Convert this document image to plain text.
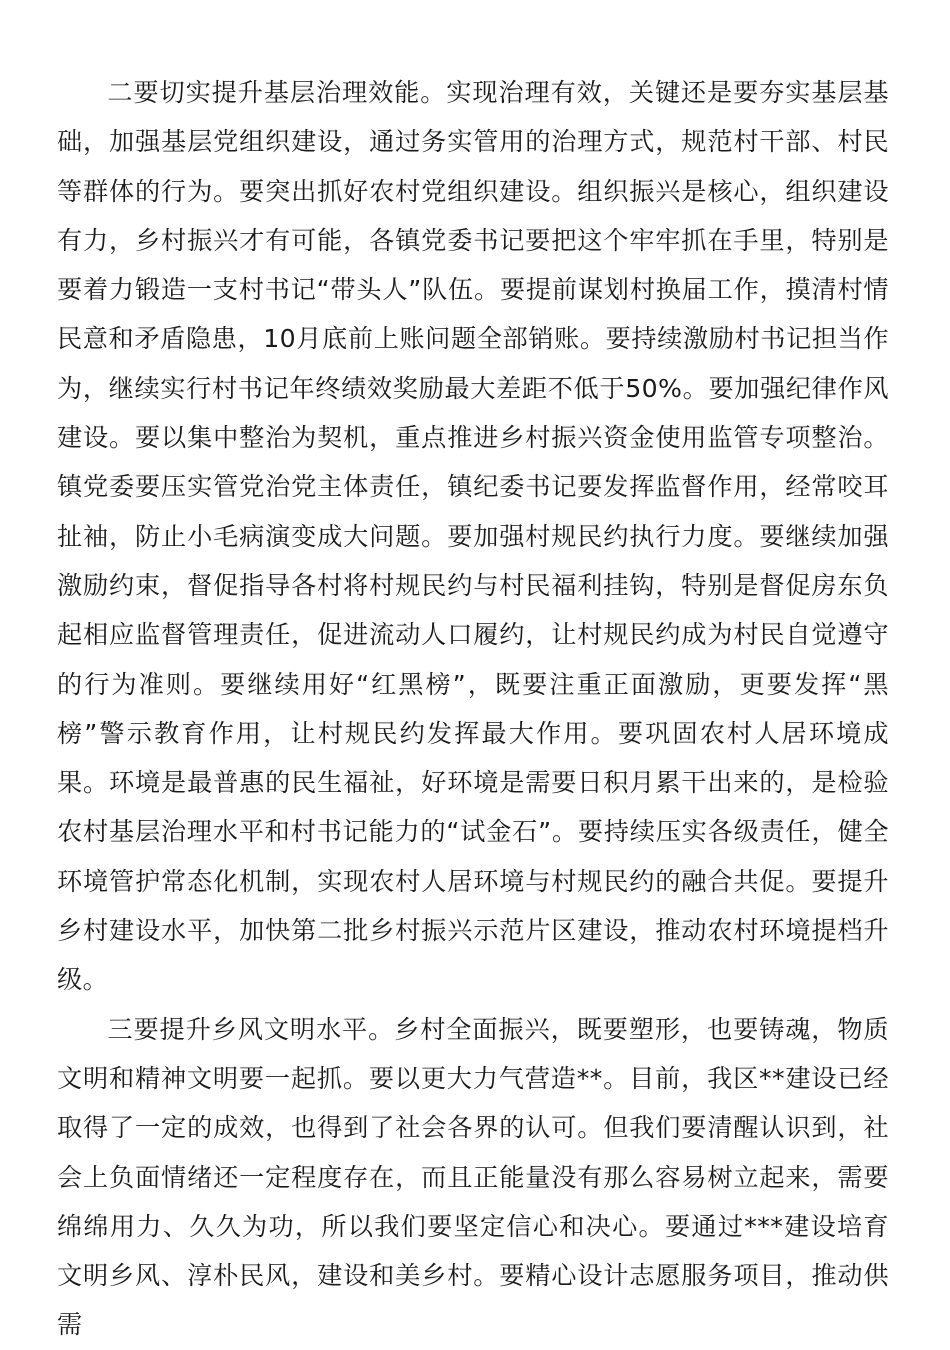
二要切实提升基层治理效能。实现治理有效，关键还是要夯实基层基础，加强基层党组织建设，通过务实管用的治理方式，规范村干部、村民等群体的行为。要突出抓好农村党组织建设。组织振兴是核心，组织建设有力，乡村振兴才有可能，各镇党委书记要把这个牢牢抓在手里，特别是要着力锻造一支村书记“带头人”队伍。要提前谋划村换届工作，摸清村情民意和矛盾隐患，10月底前上账问题全部销账。要持续激励村书记担当作为，继续实行村书记年终绩效奖励最大差距不低于50%。要加强纪律作风建设。要以集中整治为契机，重点推进乡村振兴资金使用监管专项整治。镇党委要压实管党治党主体责任，镇纪委书记要发挥监督作用，经常咬耳扯袖，防止小毛病演变成大问题。要加强村规民约执行力度。要继续加强激励约束，督促指导各村将村规民约与村民福利挂钩，特别是督促房东负起相应监督管理责任，促进流动人口履约，让村规民约成为村民自觉遵守的行为准则。要继续用好“红黑榜”，既要注重正面激励，更要发挥“黑榜”警示教育作用，让村规民约发挥最大作用。要巩固农村人居环境成果。环境是最普惠的民生福祉，好环境是需要日积月累干出来的，是检验农村基层治理水平和村书记能力的“试金石”。要持续压实各级责任，健全环境管护常态化机制，实现农村人居环境与村规民约的融合共促。要提升乡村建设水平，加快第二批乡村振兴示范片区建设，推动农村环境提档升级。

三要提升乡风文明水平。乡村全面振兴，既要塑形，也要铸魂，物质文明和精神文明要一起抓。要以更大力气营造**。目前，我区**建设已经取得了一定的成效，也得到了社会各界的认可。但我们要清醒认识到，社会上负面情绪还一定程度存在，而且正能量没有那么容易树立起来，需要绵绵用力、久久为功，所以我们要坚定信心和决心。要通过***建设培育文明乡风、淳朴民风，建设和美乡村。要精心设计志愿服务项目，推动供需
